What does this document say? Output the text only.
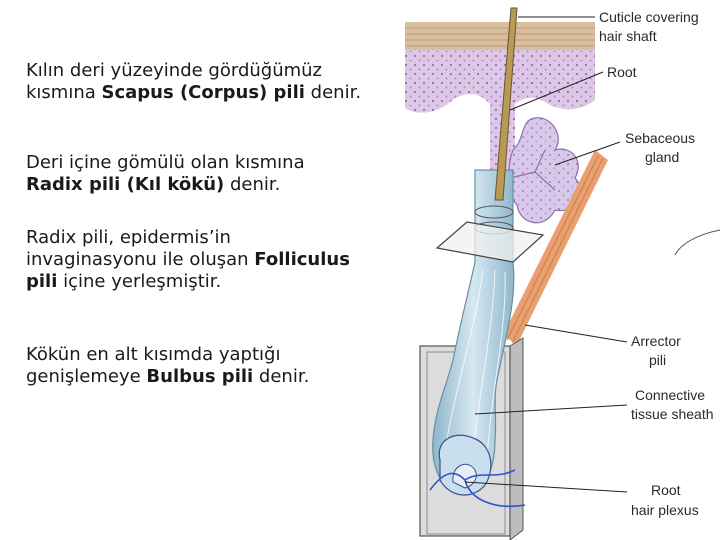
Kılın deri yüzeyinde gördüğümüz kısmına Scapus (Corpus) pili denir.
Deri içine gömülü olan kısmına Radix pili (Kıl kökü) denir.
Radix pili, epidermis’in invaginasyonu ile oluşan Folliculus pili içine yerleşmiştir.
Kökün en alt kısımda yaptığı genişlemeye Bulbus pili denir.
Cuticle covering
hair shaft
Root
Sebaceous
gland
Arrector
pili
Connective
tissue sheath
Root
hair plexus
